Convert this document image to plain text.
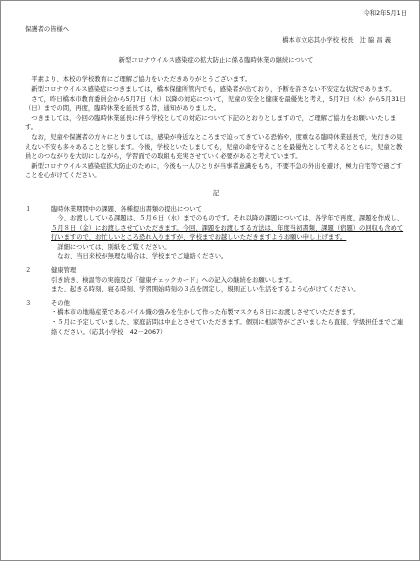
令和2年5月1日

保護者の皆様へ

橋本市立応其小学校 校長　辻 脇 昌 義

新型コロナウイルス感染症の拡大防止に係る臨時休業の継続について

平素より、本校の学校教育にご理解ご協力をいただきありがとうございます。

新型コロナウイルス感染症につきましては，橋本保健所管内でも，感染者が出ており，予断を許さない不安定な状況であります。

さて，昨日橋本市教育委員会から5月7日（木）以降の対応について，児童の安全と健康を最優先と考え，5月7日（木）から5月31日（日）までの間，再度，臨時休業を延長する旨，通知がありました。

つきましては，今回の臨時休業延長に伴う学校としての対応について下記のとおりとしますので，ご理解ご協力をお願いいたします。

なお，児童や保護者の方々にとりましては，感染が身近なところまで迫ってきている恐怖や，度重なる臨時休業延長で，先行きの見えない不安も多々あることと察します。今後，学校といたしましても，児童の命を守ることを最優先として考えるとともに，児童と教員とのつながりを大切にしながら，学習面での取組も充実させていく必要があると考えています。

新型コロナウイルス感染症拡大防止のために，今後も一人ひとりが当事者意識をもち，不要不急の外出を避け，極力自宅等で過ごすことを心がけてください。

記

１	臨時休業期間中の課題、各種提出書類の提出について

今、お渡ししている課題は、５月６日（水）までのものです。それ以降の課題については、各学年で再度、課題を作成し、５月８日（金）にお渡しさせていただきます。今回、課題をお渡しする方法は、年度当初書類、課題（宿題）の回収も含めて行いますので、お忙しいところ恐れ入りますが、学校までお越しいただきますようお願い申し上げます。

詳細については、別紙をご覧ください。

なお、当日来校が無理な場合は、学校までご連絡ください。

２	健康管理

引き続き、検温等の実施及び「健康チェックカード」への記入の継続をお願いします。

また、起きる時刻、寝る時刻、学習開始時刻の３点を固定し，規則正しい生活をするよう心がけてください。

３	その他

・橋本市の地場産業であるパイル織の強みを生かして作った布製マスクも８日にお渡しさせていただきます。

・５月に予定していました、家庭訪問は中止とさせていただきます。個別に相談等がございましたら直接、学級担任までご連絡ください。（応其小学校　42－2067）
